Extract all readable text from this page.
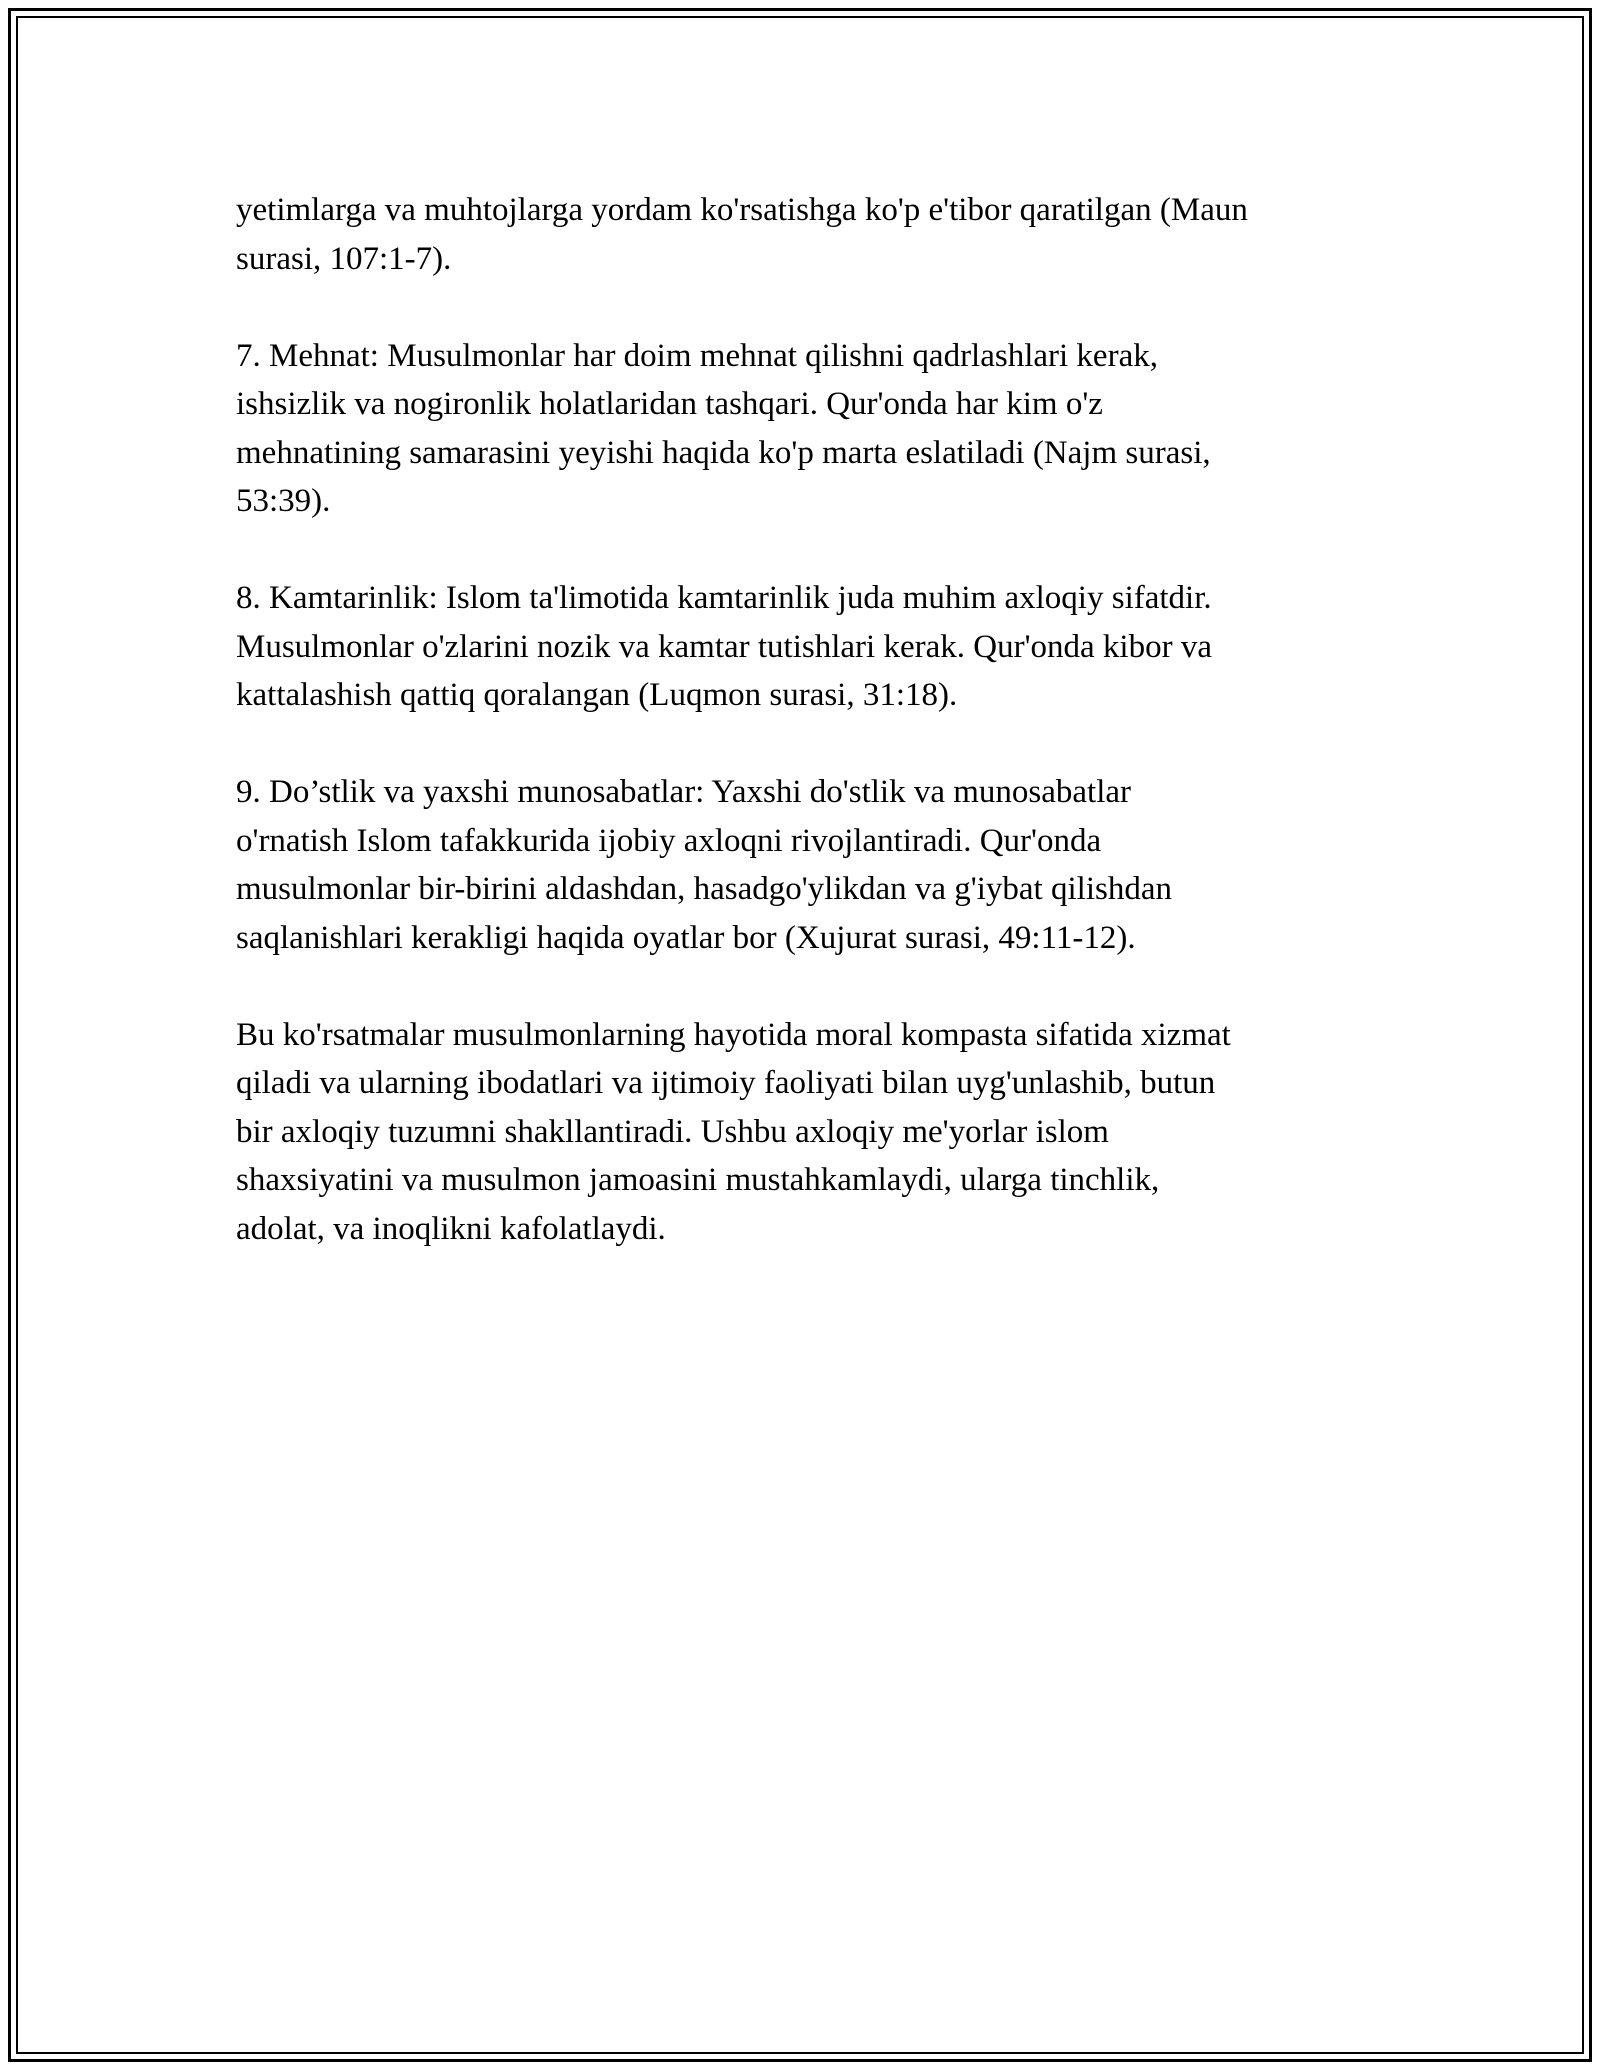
yetimlarga va muhtojlarga yordam ko'rsatishga ko'p e'tibor qaratilgan (Maun
surasi, 107:1-7).

7. Mehnat: Musulmonlar har doim mehnat qilishni qadrlashlari kerak,
ishsizlik va nogironlik holatlaridan tashqari. Qur'onda har kim o'z
mehnatining samarasini yeyishi haqida ko'p marta eslatiladi (Najm surasi,
53:39).

8. Kamtarinlik: Islom ta'limotida kamtarinlik juda muhim axloqiy sifatdir.
Musulmonlar o'zlarini nozik va kamtar tutishlari kerak. Qur'onda kibor va
kattalashish qattiq qoralangan (Luqmon surasi, 31:18).

9. Do’stlik va yaxshi munosabatlar: Yaxshi do'stlik va munosabatlar
o'rnatish Islom tafakkurida ijobiy axloqni rivojlantiradi. Qur'onda
musulmonlar bir-birini aldashdan, hasadgo'ylikdan va g'iybat qilishdan
saqlanishlari kerakligi haqida oyatlar bor (Xujurat surasi, 49:11-12).

Bu ko'rsatmalar musulmonlarning hayotida moral kompasta sifatida xizmat
qiladi va ularning ibodatlari va ijtimoiy faoliyati bilan uyg'unlashib, butun
bir axloqiy tuzumni shakllantiradi. Ushbu axloqiy me'yorlar islom
shaxsiyatini va musulmon jamoasini mustahkamlaydi, ularga tinchlik,
adolat, va inoqlikni kafolatlaydi.
